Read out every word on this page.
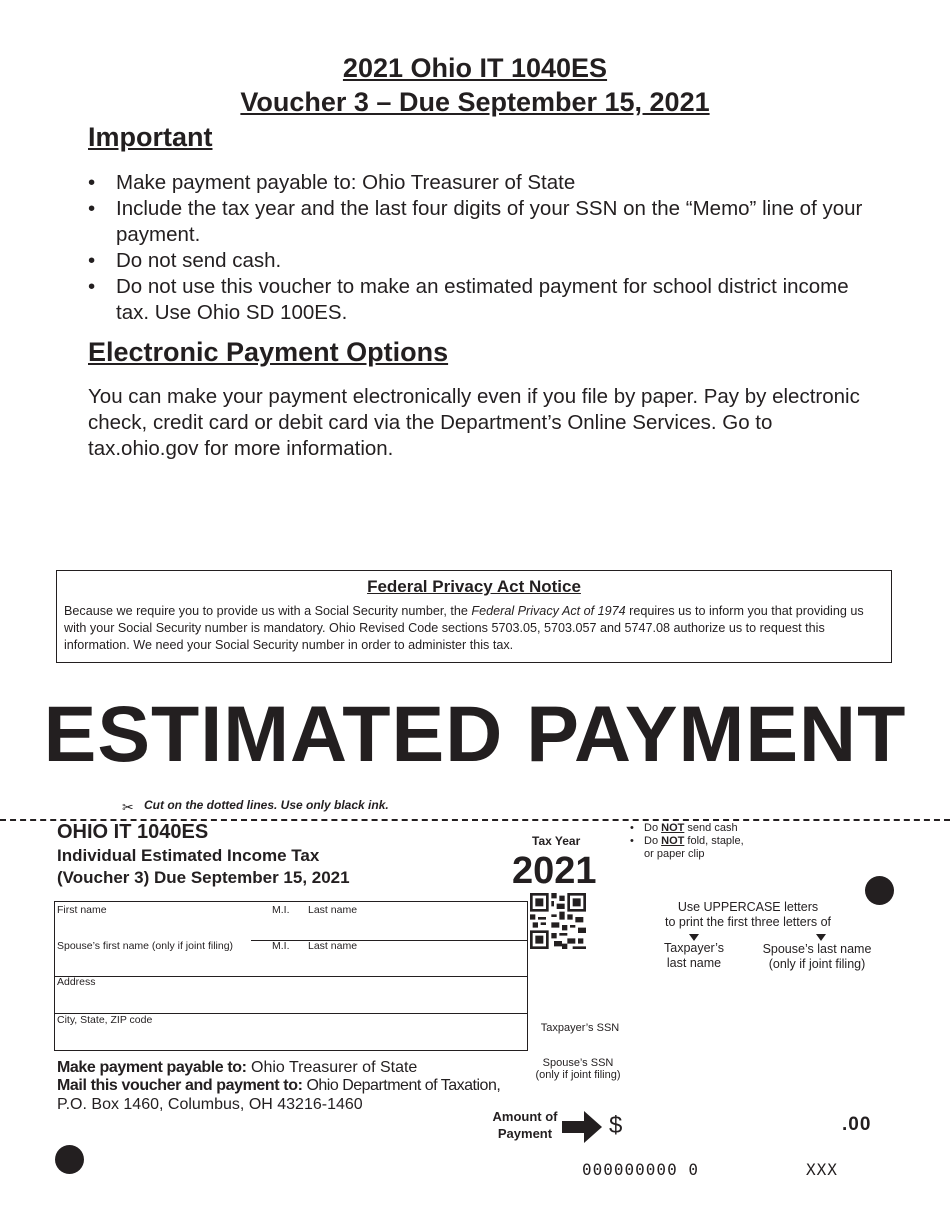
2021 Ohio IT 1040ES
Voucher 3 – Due September 15, 2021
Important
• Make payment payable to: Ohio Treasurer of State
• Include the tax year and the last four digits of your SSN on the “Memo” line of your payment.
• Do not send cash.
• Do not use this voucher to make an estimated payment for school district income tax. Use Ohio SD 100ES.
Electronic Payment Options
You can make your payment electronically even if you file by paper. Pay by electronic check, credit card or debit card via the Department’s Online Services. Go to tax.ohio.gov for more information.
Federal Privacy Act Notice
Because we require you to provide us with a Social Security number, the Federal Privacy Act of 1974 requires us to inform you that providing us with your Social Security number is mandatory. Ohio Revised Code sections 5703.05, 5703.057 and 5747.08 authorize us to request this information. We need your Social Security number in order to administer this tax.
ESTIMATED PAYMENT
✂ Cut on the dotted lines. Use only black ink.
OHIO IT 1040ES
Individual Estimated Income Tax
(Voucher 3) Due September 15, 2021
Tax Year
2021
• Do NOT send cash
• Do NOT fold, staple,
or paper clip
Use UPPERCASE letters
to print the first three letters of
Taxpayer’s
last name
Spouse’s last name
(only if joint filing)
First name	M.I. Last name
Spouse’s first name (only if joint filing)	M.I. Last name
Address
City, State, ZIP code
Taxpayer’s SSN
Spouse’s SSN
(only if joint filing)
Make payment payable to: Ohio Treasurer of State
Mail this voucher and payment to: Ohio Department of Taxation,
P.O. Box 1460, Columbus, OH 43216-1460
Amount of
Payment	$	.00
000000000 0	XXX
